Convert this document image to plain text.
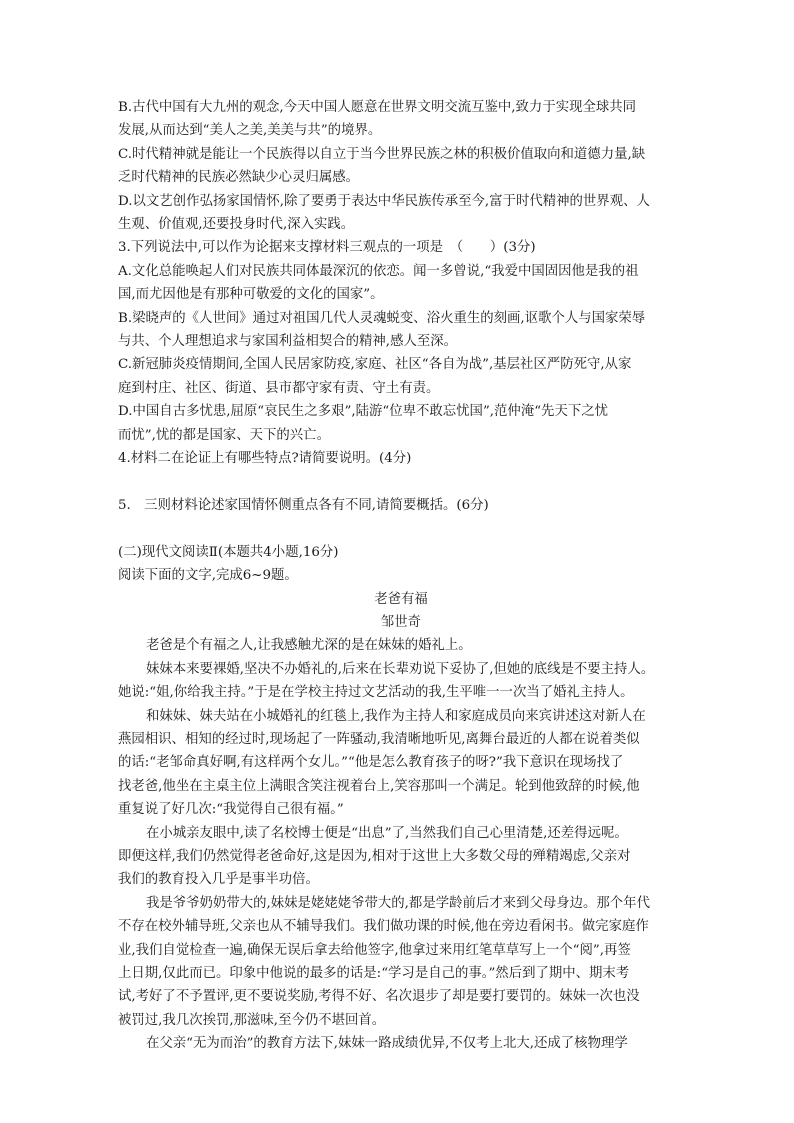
B.古代中国有大九州的观念,今天中国人愿意在世界文明交流互鉴中,致力于实现全球共同
发展,从而达到“美人之美,美美与共”的境界。
C.时代精神就是能让一个民族得以自立于当今世界民族之林的积极价值取向和道德力量,缺
乏时代精神的民族必然缺少心灵归属感。
D.以文艺创作弘扬家国情怀,除了要勇于表达中华民族传承至今,富于时代精神的世界观、人
生观、价值观,还要投身时代,深入实践。
3.下列说法中,可以作为论据来支撑材料三观点的一项是　（　　）(3分)
A.文化总能唤起人们对民族共同体最深沉的依恋。闻一多曾说,“我爱中国固因他是我的祖
国,而尤因他是有那种可敬爱的文化的国家”。
B.梁晓声的《人世间》通过对祖国几代人灵魂蜕变、浴火重生的刻画,讴歌个人与国家荣辱
与共、个人理想追求与家国利益相契合的精神,感人至深。
C.新冠肺炎疫情期间,全国人民居家防疫,家庭、社区“各自为战”,基层社区严防死守,从家
庭到村庄、社区、街道、县市都守家有责、守土有责。
D.中国自古多忧患,屈原“哀民生之多艰”,陆游“位卑不敢忘忧国”,范仲淹“先天下之忧
而忧”,忧的都是国家、天下的兴亡。
4.材料二在论证上有哪些特点?请简要说明。(4分)
5.　三则材料论述家国情怀侧重点各有不同,请简要概括。(6分)
(二)现代文阅读Ⅱ(本题共4小题,16分)
阅读下面的文字,完成6~9题。
老爸有福
邹世奇
老爸是个有福之人,让我感触尤深的是在妹妹的婚礼上。
妹妹本来要裸婚,坚决不办婚礼的,后来在长辈劝说下妥协了,但她的底线是不要主持人。
她说:“姐,你给我主持。”于是在学校主持过文艺活动的我,生平唯一一次当了婚礼主持人。
和妹妹、妹夫站在小城婚礼的红毯上,我作为主持人和家庭成员向来宾讲述这对新人在
燕园相识、相知的经过时,现场起了一阵骚动,我清晰地听见,离舞台最近的人都在说着类似
的话:“老邹命真好啊,有这样两个女儿。”“他是怎么教育孩子的呀?”我下意识在现场找了
找老爸,他坐在主桌主位上满眼含笑注视着台上,笑容那叫一个满足。轮到他致辞的时候,他
重复说了好几次:“我觉得自己很有福。”
在小城亲友眼中,读了名校博士便是“出息”了,当然我们自己心里清楚,还差得远呢。
即便这样,我们仍然觉得老爸命好,这是因为,相对于这世上大多数父母的殚精竭虑,父亲对
我们的教育投入几乎是事半功倍。
我是爷爷奶奶带大的,妹妹是姥姥姥爷带大的,都是学龄前后才来到父母身边。那个年代
不存在校外辅导班,父亲也从不辅导我们。我们做功课的时候,他在旁边看闲书。做完家庭作
业,我们自觉检查一遍,确保无误后拿去给他签字,他拿过来用红笔草草写上一个“阅”,再签
上日期,仅此而已。印象中他说的最多的话是:“学习是自己的事。”然后到了期中、期末考
试,考好了不予置评,更不要说奖励,考得不好、名次退步了却是要打要罚的。妹妹一次也没
被罚过,我几次挨罚,那滋味,至今仍不堪回首。
在父亲“无为而治”的教育方法下,妹妹一路成绩优异,不仅考上北大,还成了核物理学
